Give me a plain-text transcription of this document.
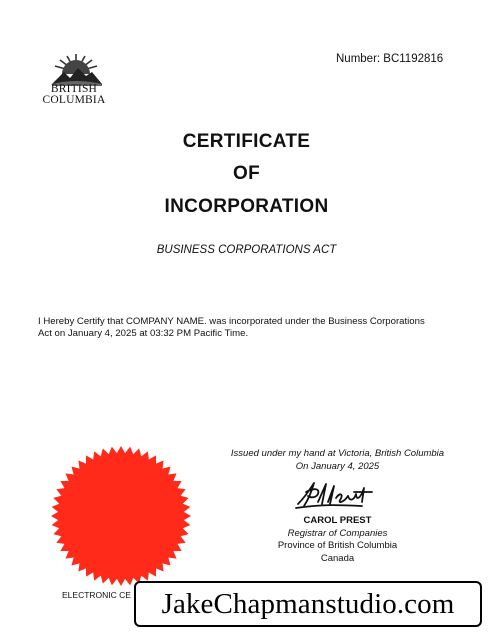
BRITISH
COLUMBIA
Number: BC1192816
CERTIFICATE
OF
INCORPORATION
BUSINESS CORPORATIONS ACT
I Hereby Certify that COMPANY NAME. was incorporated under the Business Corporations
Act on January 4, 2025 at 03:32 PM Pacific Time.
Issued under my hand at Victoria, British Columbia
On January 4, 2025
CAROL PREST
Registrar of Companies
Province of British Columbia
Canada
ELECTRONIC CE JakeChapmanstudio.com
